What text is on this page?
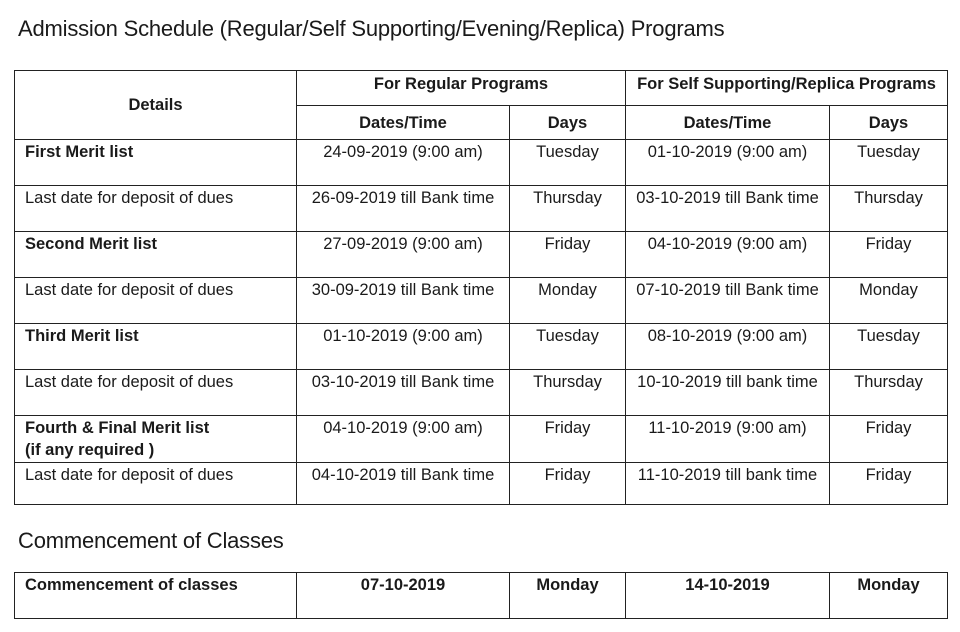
Admission Schedule (Regular/Self Supporting/Evening/Replica) Programs
Details	For Regular Programs		For Self Supporting/Replica Programs	
	Dates/Time	Days	Dates/Time	Days

First Merit list	24-09-2019 (9:00 am)	Tuesday	01-10-2019 (9:00 am)	Tuesday

Last date for deposit of dues	26-09-2019 till Bank time	Thursday	03-10-2019 till Bank time	Thursday

Second Merit list	27-09-2019 (9:00 am)	Friday	04-10-2019 (9:00 am)	Friday

Last date for deposit of dues	30-09-2019 till Bank time	Monday	07-10-2019 till Bank time	Monday

Third Merit list	01-10-2019 (9:00 am)	Tuesday	08-10-2019 (9:00 am)	Tuesday

Last date for deposit of dues	03-10-2019 till Bank time	Thursday	10-10-2019 till bank time	Thursday

Fourth & Final Merit list
(if any required )	04-10-2019 (9:00 am)	Friday	11-10-2019 (9:00 am)	Friday

Last date for deposit of dues	04-10-2019 till Bank time	Friday	11-10-2019 till bank time	Friday
Commencement of Classes
Commencement of classes	07-10-2019	Monday	14-10-2019	Monday
